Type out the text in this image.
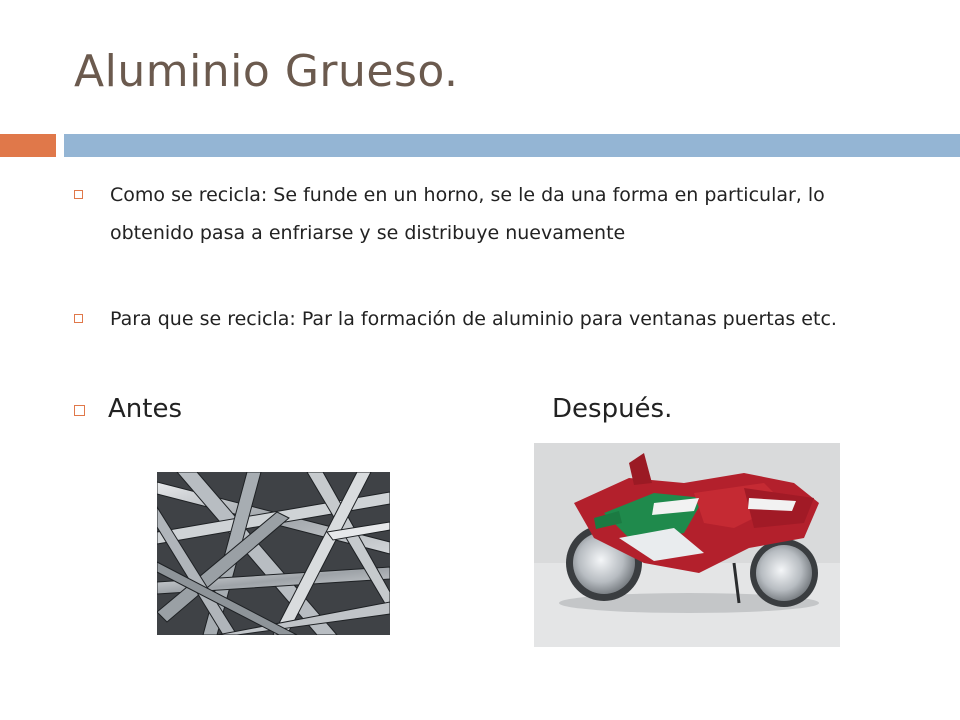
Aluminio Grueso.
Como se recicla: Se funde en un horno, se le da una forma en particular, lo obtenido pasa a enfriarse y se distribuye nuevamente
Para que se recicla: Par la formación de aluminio para ventanas puertas etc.
Antes	Después.
